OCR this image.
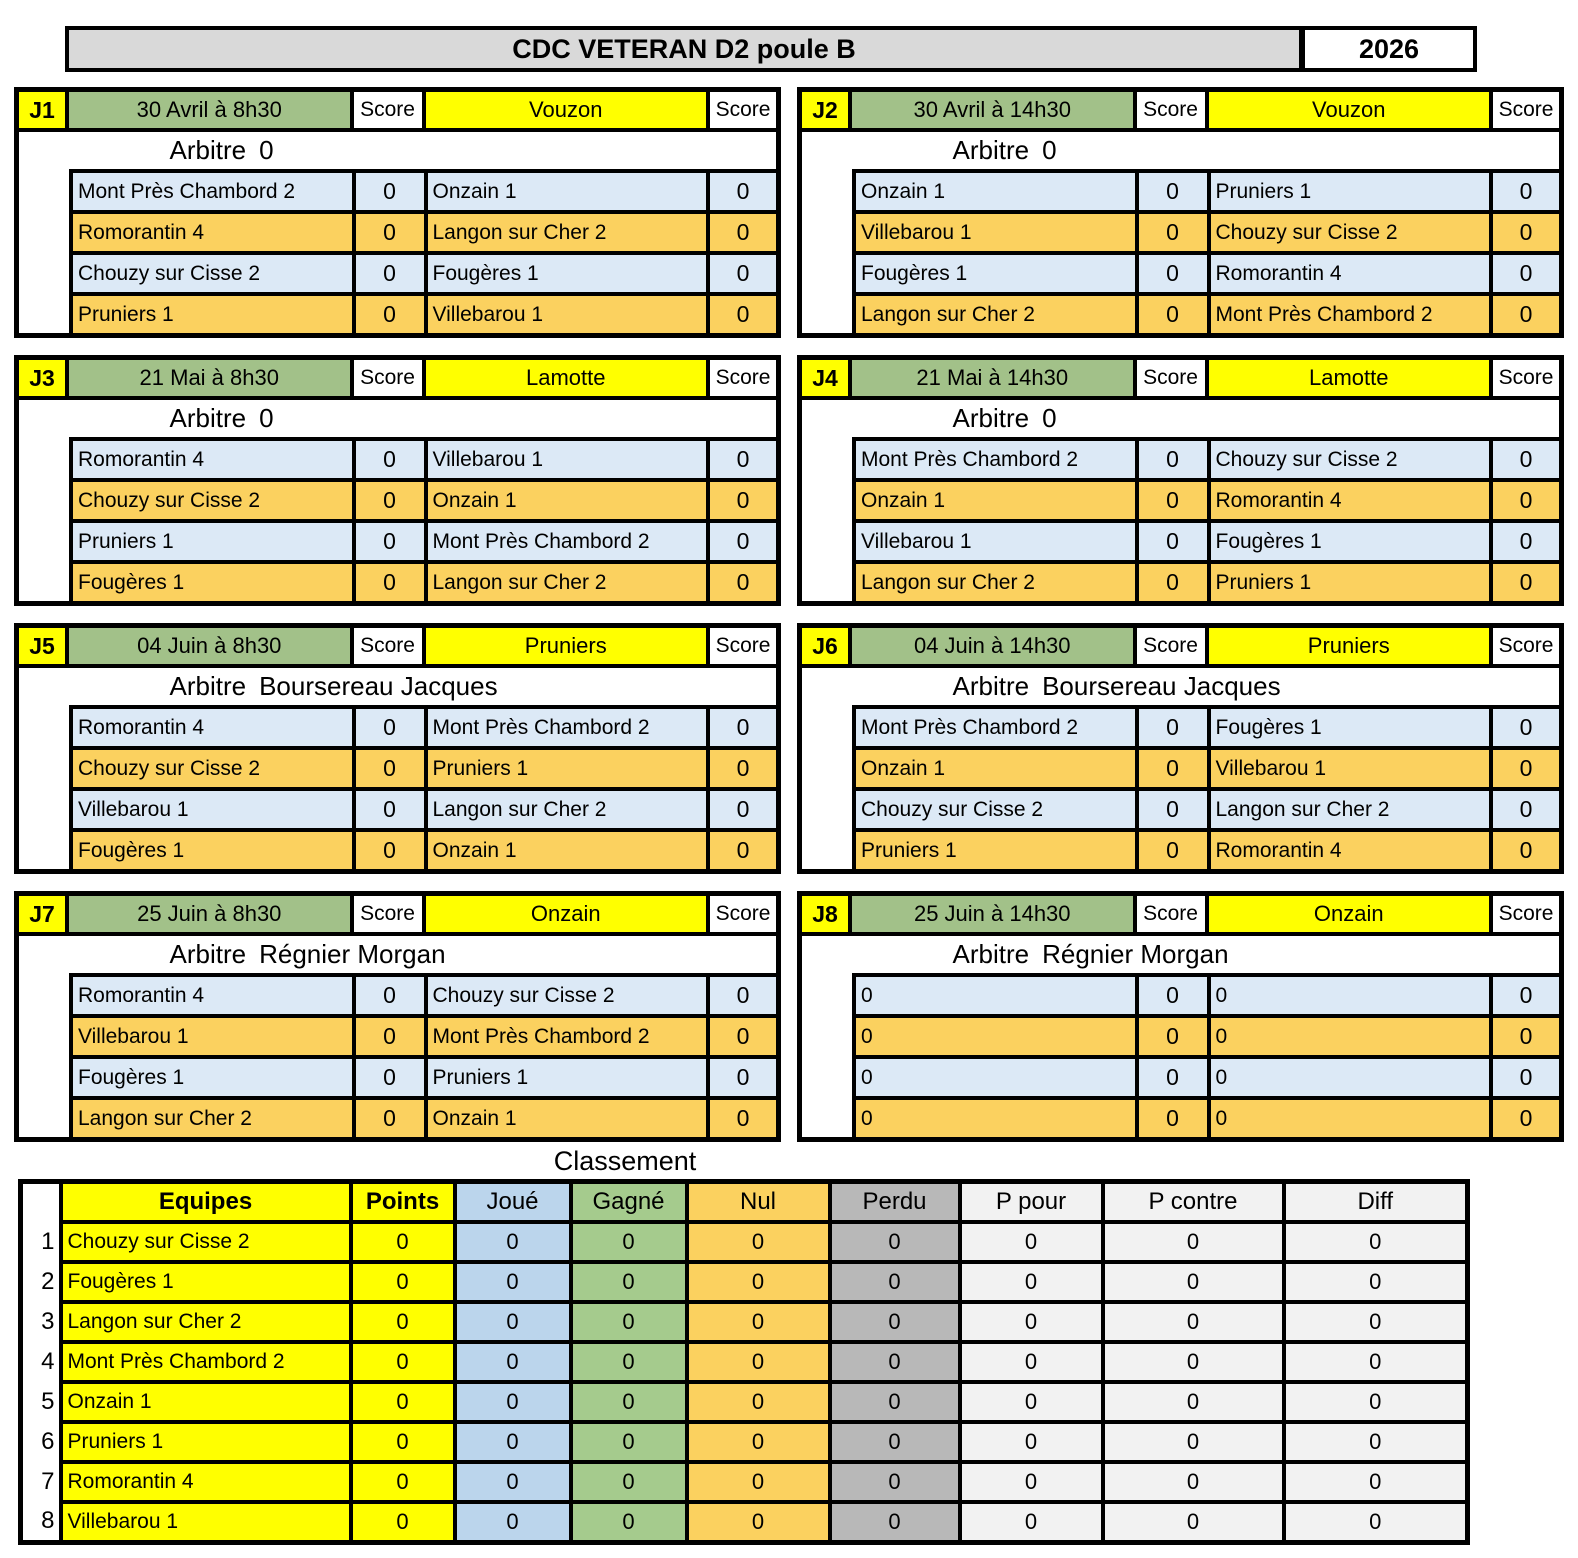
CDC VETERAN D2 poule B	2026
J1	30 Avril à 8h30	Score	Vouzon	Score
Arbitre 0
Mont Près Chambord 2	0	Onzain 1	0
Romorantin 4	0	Langon sur Cher 2	0
Chouzy sur Cisse 2	0	Fougères 1	0
Pruniers 1	0	Villebarou 1	0
J2	30 Avril à 14h30	Score	Vouzon	Score
Arbitre 0
Onzain 1	0	Pruniers 1	0
Villebarou 1	0	Chouzy sur Cisse 2	0
Fougères 1	0	Romorantin 4	0
Langon sur Cher 2	0	Mont Près Chambord 2	0
J3	21 Mai à 8h30	Score	Lamotte	Score
Arbitre 0
Romorantin 4	0	Villebarou 1	0
Chouzy sur Cisse 2	0	Onzain 1	0
Pruniers 1	0	Mont Près Chambord 2	0
Fougères 1	0	Langon sur Cher 2	0
J4	21 Mai à 14h30	Score	Lamotte	Score
Arbitre 0
Mont Près Chambord 2	0	Chouzy sur Cisse 2	0
Onzain 1	0	Romorantin 4	0
Villebarou 1	0	Fougères 1	0
Langon sur Cher 2	0	Pruniers 1	0
J5	04 Juin à 8h30	Score	Pruniers	Score
Arbitre Boursereau Jacques
Romorantin 4	0	Mont Près Chambord 2	0
Chouzy sur Cisse 2	0	Pruniers 1	0
Villebarou 1	0	Langon sur Cher 2	0
Fougères 1	0	Onzain 1	0
J6	04 Juin à 14h30	Score	Pruniers	Score
Arbitre Boursereau Jacques
Mont Près Chambord 2	0	Fougères 1	0
Onzain 1	0	Villebarou 1	0
Chouzy sur Cisse 2	0	Langon sur Cher 2	0
Pruniers 1	0	Romorantin 4	0
J7	25 Juin à 8h30	Score	Onzain	Score
Arbitre Régnier Morgan
Romorantin 4	0	Chouzy sur Cisse 2	0
Villebarou 1	0	Mont Près Chambord 2	0
Fougères 1	0	Pruniers 1	0
Langon sur Cher 2	0	Onzain 1	0
J8	25 Juin à 14h30	Score	Onzain	Score
Arbitre Régnier Morgan
0	0	0	0
0	0	0	0
0	0	0	0
0	0	0	0
Classement
	Equipes	Points	Joué	Gagné	Nul	Perdu	P pour	P contre	Diff
1	Chouzy sur Cisse 2	0	0	0	0	0	0	0	0
2	Fougères 1	0	0	0	0	0	0	0	0
3	Langon sur Cher 2	0	0	0	0	0	0	0	0
4	Mont Près Chambord 2	0	0	0	0	0	0	0	0
5	Onzain 1	0	0	0	0	0	0	0	0
6	Pruniers 1	0	0	0	0	0	0	0	0
7	Romorantin 4	0	0	0	0	0	0	0	0
8	Villebarou 1	0	0	0	0	0	0	0	0
